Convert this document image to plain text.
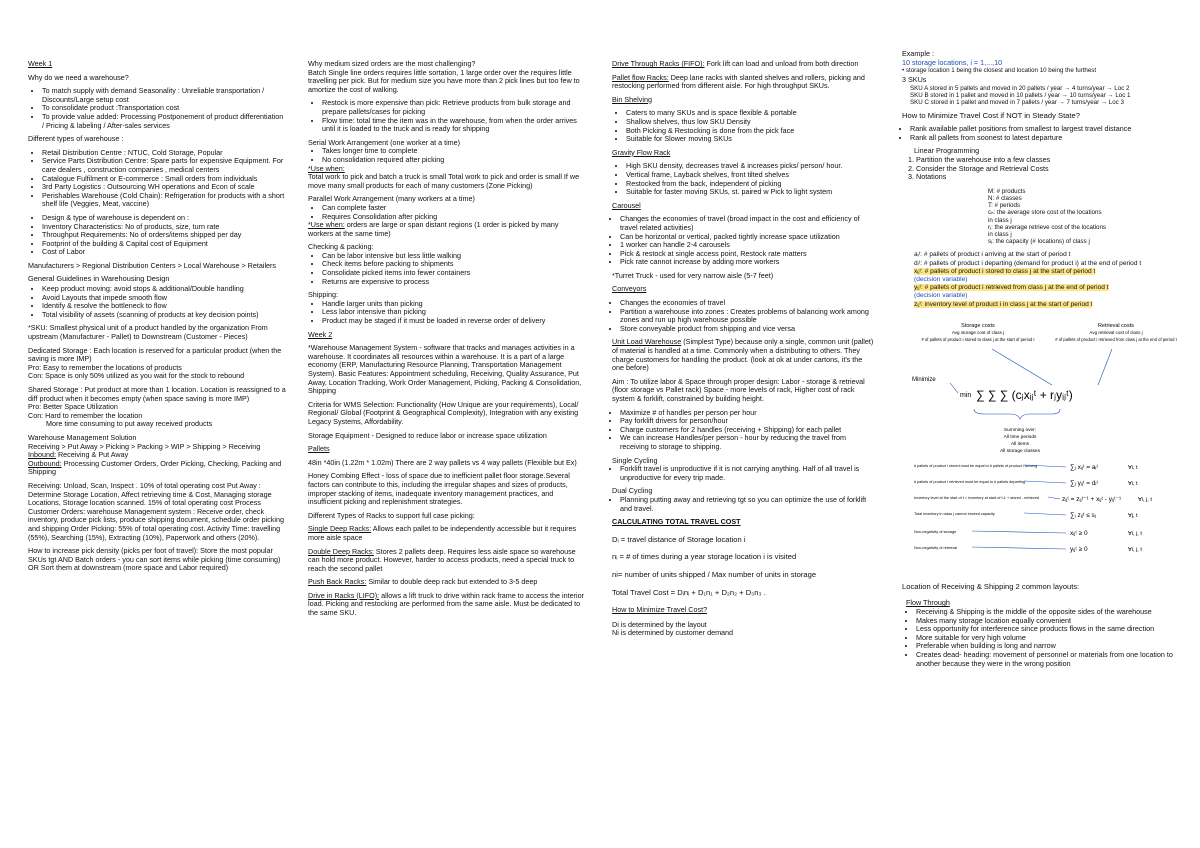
Week 1

Why do we need a warehouse?

• To match supply with demand Seasonality : Unreliable transportation / Discounts/Large setup cost
• To consolidate product :Transportation cost
• To provide value added: Processing Postponement of product differentiation / Pricing & labeling / After-sales services

Different types of warehouse :

• Retail Distribution Centre : NTUC, Cold Storage, Popular
• Service Parts Distribution Centre: Spare parts for expensive Equipment. For care dealers , construction companies , medical centers
• Catalogue Fulfilment or E-commerce : Small orders from individuals
• 3rd Party Logistics : Outsourcing WH operations and Econ of scale
• Perishables Warehouse (Cold Chain): Refrigeration for products with a short shelf life (Veggies, Meat, vaccine)
• Design & type of warehouse is dependent on :
• Inventory Characteristics: No of products, size, turn rate
• Throughput Requirements: No of orders/items shipped per day
• Footprint of the building & Capital cost of Equipment
• Cost of Labor

Manufacturers > Regional Distribution Centers > Local Warehouse > Retailers

General Guidelines in Warehousing Design

• Keep product moving: avoid stops & additional/Double handling
• Avoid Layouts that impede smooth flow
• Identify & resolve the bottleneck to flow
• Total visibility of assets (scanning of products at key decision points)

*SKU: Smallest physical unit of a product handled by the organization From upstream (Manufacturer - Pallet) to Downstream (Customer - Pieces)

Dedicated Storage : Each location is reserved for a particular product (when the saving is more IMP)
Pro: Easy to remember the locations of products
Con: Space is only 50% utilized as you wait for the stock to rebound

Shared Storage : Put product at more than 1 location. Location is reassigned to a diff product when it becomes empty (when space saving is more IMP)
Pro: Better Space Utilization
Con: Hard to remember the location
More time consuming to put away received products

Warehouse Management Solution
Receiving > Put Away > Picking > Packing > WIP > Shipping > Receiving
Inbound: Receiving & Put Away
Outbound: Processing Customer Orders, Order Picking, Checking, Packing and Shipping

Receiving: Unload, Scan, Inspect . 10% of total operating cost Put Away : Determine Storage Location, Affect retrieving time & Cost, Managing storage Locations, Storage location scanned. 15% of total operating cost Process Customer Orders: warehouse Management system : Receive order, check inventory, produce pick lists, produce shipping document, schedule order picking and shipping Order Picking: 55% of total operating cost. Activity Time: travelling (55%), Searching (15%), Extracting (10%), Paperwork and others (20%).

How to increase pick density (picks per foot of travel): Store the most popular SKUs tgt AND Batch orders - you can sort items while picking (time consuming) OR Sort them at downstream (more space and Labor required)

Why medium sized orders are the most challenging?

Batch Single line orders requires little sortation, 1 large order over the requires little travelling per pick. But for medium size you have more than 2 pick lines but too few to amortize the cost of walking.

• Restock is more expensive than pick: Retrieve products from bulk storage and prepare pallets/cases for picking
• Flow time: total time the item was in the warehouse, from when the order arrives until it is loaded to the truck and is ready for shipping

Serial Work Arrangement (one worker at a time)

• Takes longer time to complete
• No consolidation required after picking

*Use when:
Total work to pick and batch a truck is small Total work to pick and order is small If we move many small products for each of many customers (Zone Picking)

Parallel Work Arrangement (many workers at a time)

• Can complete faster
• Requires Consolidation after picking

*Use when: orders are large or span distant regions (1 order is picked by many workers at the same time)

Checking & packing:

• Can be labor intensive but less little walking
• Check items before packing to shipments
• Consolidate picked items into fewer containers
• Returns are expensive to process

Shipping:

• Handle larger units than picking
• Less labor intensive than picking
• Product may be staged if it must be loaded in reverse order of delivery

Week 2

*Warehouse Management System - software that tracks and manages activities in a warehouse. It coordinates all resources within a warehouse. It is a part of a large economy (ERP, Manufacturing Resource Planning, Transportation Management System). Basic Features: Appointment scheduling, Receiving, Quality Assurance, Put Away, Location Tracking, Work Order Management, Picking, Packing & Consolidation, Shipping

Criteria for WMS Selection: Functionality (How Unique are your requirements), Local/ Regional/ Global (Footprint & Geographical Complexity), Integration with any existing Legacy Systems, Affordability.

Storage Equipment - Designed to reduce labor or increase space utilization

Pallets

48in *40in (1.22m * 1.02m) There are 2 way pallets vs 4 way pallets (Flexible but Ex)

Honey Combing Effect - loss of space due to inefficient pallet floor storage.Several factors can contribute to this, including the irregular shapes and sizes of products, improper stacking of items, inadequate inventory management practices, and insufficient picking and replenishment strategies.

Different Types of Racks to support full case picking:

Single Deep Racks: Allows each pallet to be independently accessible but it requires more aisle space

Double Deep Racks: Stores 2 pallets deep. Requires less aisle space so warehouse can hold more product. However, harder to access products, need a special truck to reach the second pallet

Push Back Racks: Similar to double deep rack but extended to 3-5 deep

Drive in Racks (LIFO): allows a lift truck to drive within rack frame to access the interior load. Picking and restocking are performed from the same aisle. Must be dedicated to the same SKU.

Drive Through Racks (FIFO): Fork lift can load and unload from both direction

Pallet flow Racks: Deep lane racks with slanted shelves and rollers, picking and restocking performed from different aisle. For high throughput SKUs.

Bin Shelving

• Caters to many SKUs and is space flexible & portable
• Shallow shelves, thus low SKU Density
• Both Picking & Restocking is done from the pick face
• Suitable for Slower moving SKUs

Gravity Flow Rack

• High SKU density, decreases travel & increases picks/ person/ hour.
• Vertical frame, Layback shelves, front tilted shelves
• Restocked from the back, independent of picking
• Suitable for faster moving SKUs, st. paired w Pick to light system

Carousel

• Changes the economies of travel (broad impact in the cost and efficiency of travel related activities)
• Can be horizontal or vertical, packed tightly increase space utilization
• 1 worker can handle 2-4 carousels
• Pick & restock at single access point, Restock rate matters
• Pick rate cannot increase by adding more workers

*Turret Truck - used for very narrow aisle (5-7 feet)

Conveyors

• Changes the economies of travel
• Partition a warehouse into zones : Creates problems of balancing work among zones and run up high warehouse possible
• Store conveyable product from shipping and vice versa

Unit Load Warehouse (Simplest Type) because only a single, common unit (pallet) of material is handled at a time. Commonly when a distributing to others. They charge customers for handling the product. (look at ok at under cartons, it's the one before)

Aim : To utilize labor & Space through proper design: Labor - storage & retrieval (floor storage vs Pallet rack) Space - more levels of rack, Higher cost of rack system & forklift, constrained by building height.

• Maximize # of handles per person per hour
• Pay forklift drivers for person/hour
• Charge customers for 2 handles (receiving + Shipping) for each pallet
• We can increase Handles/per person - hour by reducing the travel from receiving to storage to shipping.

Single Cycling

• Forklift travel is unproductive if it is not carrying anything. Half of all travel is unproductive for every trip made.

Dual Cycling

• Planning putting away and retrieving tgt so you can optimize the use of forklift and travel.

CALCULATING TOTAL TRAVEL COST

Dᵢ = travel distance of Storage location i

nᵢ = # of times during a year storage location i is visited

ni= number of units shipped / Max number of units in storage

Total Travel Cost = Dᵢnᵢ + D₁n₁ + D₂n₂ + D₃n₃ .

How to Minimize Travel Cost?

Di is determined by the layout

Ni is determined by customer demand

Example :

10 storage locations, i = 1,...,10

• storage location 1 being the closest and location 10 being the furthest

3 SKUs

SKU A stored in 5 pallets and moved in 20 pallets / year → 4 turns/year → Loc 2
SKU B stored in 1 pallet and moved in 10 pallets / year → 10 turns/year → Loc 1
SKU C stored in 1 pallet and moved in 7 pallets / year → 7 turns/year → Loc 3

How to Minimize Travel Cost if NOT in Steady State?

• Rank available pallet positions from smallest to largest travel distance
• Rank all pallets from soonest to latest departure

Linear Programming

1. Partition the warehouse into a few classes
2. Consider the Storage and Retrieval Costs
3. Notations
M: # products
N: # classes
T: # periods
cₙ: the average store cost of the locations in class j
rⱼ: the average retrieve cost of the locations in class j
sⱼ: the capacity (# locations) of class j
aᵢᵗ: # pallets of product i arriving at the start of period t
dᵢᵗ: # pallets of product i departing (demand for product i) at the end of period t
xᵢⱼᵗ: # pallets of product i stored to class j at the start of period t
(decision variable)
yᵢⱼᵗ: # pallets of product i retrieved from class j at the end of period t
(decision variable)
zᵢⱼᵗ: inventory level of product i in class j at the start of period t
Storage costs
Avg storage cost of class j
# of pallets of product i stored to class j at the start of period t
Retrieval costs
Avg retrieval cost of class j
# of pallets of product i retrieved from class j at the end of period t
Minimize
min ∑ ∑ ∑ (cⱼxᵢⱼᵗ + rⱼyᵢⱼᵗ)
Summing over:
All time periods
All items
All storage classes
# pallets of product i stored must be equal to # pallets of product i arriving	∑ⱼ xᵢⱼᵗ = aᵢᵗ	∀i, t
# pallets of product i retrieved must be equal to # pallets departing	∑ⱼ yᵢⱼᵗ = dᵢᵗ	∀i, t
Inventory level at the start of t = inventory at start of t-1 + stored - retrieved	zᵢⱼᵗ = zᵢⱼᵗ⁻¹ + xᵢⱼᵗ - yᵢⱼᵗ⁻¹	∀i, j, t
Total inventory in class j cannot exceed capacity	∑ᵢ zᵢⱼᵗ ≤ sⱼ	∀j, t
Non-negativity of storage	xᵢⱼᵗ ≥ 0	∀i, j, t
Non-negativity of retrieval	yᵢⱼᵗ ≥ 0	∀i, j, t

Location of Receiving & Shipping 2 common layouts:

Flow Through

• Receiving & Shipping is the middle of the opposite sides of the warehouse
• Makes many storage location equally convenient
• Less opportunity for interference since products flows in the same direction
• More suitable for very high volume
• Preferable when building is long and narrow
• Creates dead- heading: movement of personnel or materials from one location to another because they were in the wrong position
